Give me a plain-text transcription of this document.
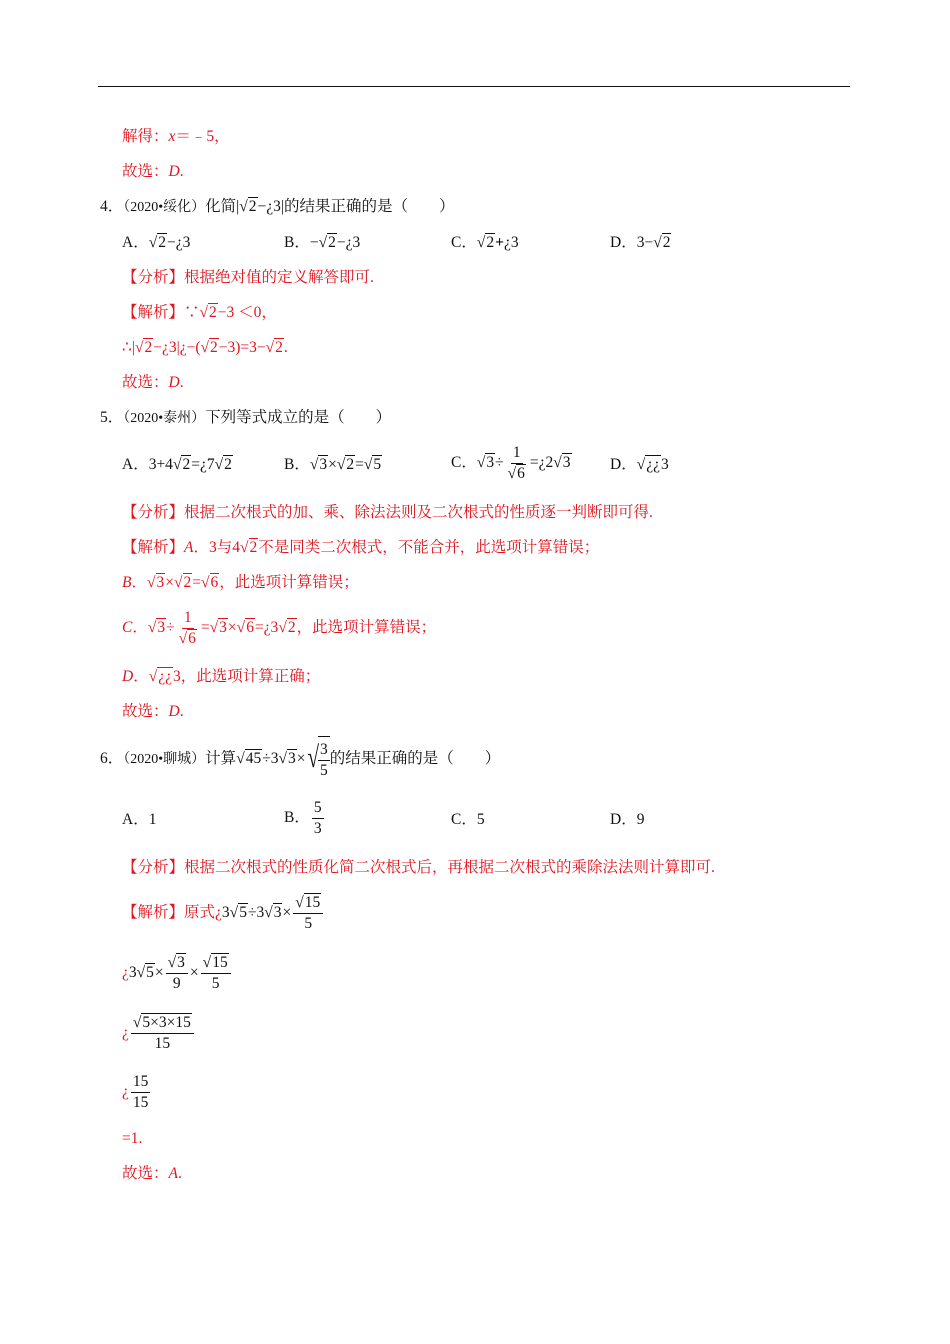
解得：x＝﹣5，
故选：D.
4．（2020•绥化）化简|√2−¿3|的结果正确的是（　　）
A．√2−¿3	B．−√2−¿3	C．√2+¿3	D．3−√2
【分析】根据绝对值的定义解答即可.
【解析】∵√2−3 ＜0，
∴|√2−¿3|¿−(√2−3)=3−√2.
故选：D.
5．（2020•泰州）下列等式成立的是（　　）
A．3+4√2=¿7√2	B．√3×√2=√5	C．$√3\div \frac{1}{√6}$ =¿2√3	D．√¿¿3
【分析】根据二次根式的加、乘、除法法则及二次根式的性质逐一判断即可得.
【解析】A．3与4√2不是同类二次根式，不能合并，此选项计算错误；
B．√3×√2=√6，此选项计算错误；
C．$√3\div \frac{1}{√6}$ =√3×√6=¿3√2，此选项计算错误；
D．√¿¿3，此选项计算正确；
故选：D.
6．（2020•聊城）计算√45÷3√3× √
$\frac{3}{5}$ 的结果正确的是（　　）
A．1	B． $\frac{5}{3}$	C．5	D．9
【分析】根据二次根式的性质化简二次根式后，再根据二次根式的乘除法法则计算即可.
【解析】原式¿$3√5\div 3√3\times \frac{√15}{5}$
¿$3√5\times \frac{√3}{9} \times \frac{√15}{5}$
¿ $\frac{√5\times 3\times 15}{15}$
¿ $\frac{15}{15}$
=1.
故选：A.
